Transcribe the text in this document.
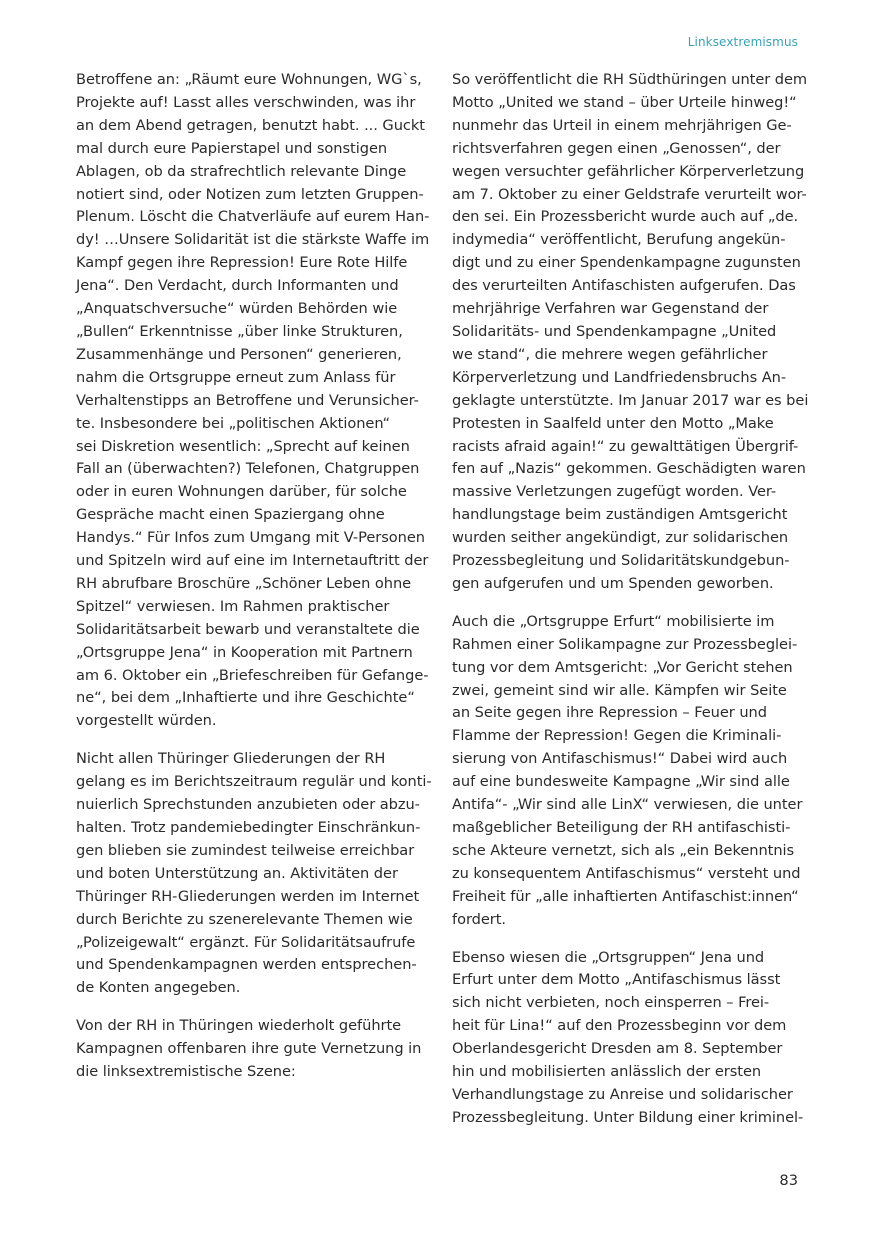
Linksextremismus
Betroffene an: „Räumt eure Wohnungen, WG`s,
Projekte auf! Lasst alles verschwinden, was ihr
an dem Abend getragen, benutzt habt. ... Guckt
mal durch eure Papierstapel und sonstigen
Ablagen, ob da strafrechtlich relevante Dinge
notiert sind, oder Notizen zum letzten Gruppen-
Plenum. Löscht die Chatverläufe auf eurem Han-
dy! …Unsere Solidarität ist die stärkste Waffe im
Kampf gegen ihre Repression! Eure Rote Hilfe
Jena“. Den Verdacht, durch Informanten und
„Anquatschversuche“ würden Behörden wie
„Bullen“ Erkenntnisse „über linke Strukturen,
Zusammenhänge und Personen“ generieren,
nahm die Ortsgruppe erneut zum Anlass für
Verhaltenstipps an Betroffene und Verunsicher-
te. Insbesondere bei „politischen Aktionen“
sei Diskretion wesentlich: „Sprecht auf keinen
Fall an (überwachten?) Telefonen, Chatgruppen
oder in euren Wohnungen darüber, für solche
Gespräche macht einen Spaziergang ohne
Handys.“ Für Infos zum Umgang mit V-Personen
und Spitzeln wird auf eine im Internetauftritt der
RH abrufbare Broschüre „Schöner Leben ohne
Spitzel“ verwiesen. Im Rahmen praktischer
Solidaritätsarbeit bewarb und veranstaltete die
„Ortsgruppe Jena“ in Kooperation mit Partnern
am 6. Oktober ein „Briefeschreiben für Gefange-
ne“, bei dem „Inhaftierte und ihre Geschichte“
vorgestellt würden.
Nicht allen Thüringer Gliederungen der RH
gelang es im Berichtszeitraum regulär und konti-
nuierlich Sprechstunden anzubieten oder abzu-
halten. Trotz pandemiebedingter Einschränkun-
gen blieben sie zumindest teilweise erreichbar
und boten Unterstützung an. Aktivitäten der
Thüringer RH-Gliederungen werden im Internet
durch Berichte zu szenerelevante Themen wie
„Polizeigewalt“ ergänzt. Für Solidaritätsaufrufe
und Spendenkampagnen werden entsprechen-
de Konten angegeben.
Von der RH in Thüringen wiederholt geführte
Kampagnen offenbaren ihre gute Vernetzung in
die linksextremistische Szene:
So veröffentlicht die RH Südthüringen unter dem
Motto „United we stand – über Urteile hinweg!“
nunmehr das Urteil in einem mehrjährigen Ge-
richtsverfahren gegen einen „Genossen“, der
wegen versuchter gefährlicher Körperverletzung
am 7. Oktober zu einer Geldstrafe verurteilt wor-
den sei. Ein Prozessbericht wurde auch auf „de.
indymedia“ veröffentlicht, Berufung angekün-
digt und zu einer Spendenkampagne zugunsten
des verurteilten Antifaschisten aufgerufen. Das
mehrjährige Verfahren war Gegenstand der
Solidaritäts- und Spendenkampagne „United
we stand“, die mehrere wegen gefährlicher
Körperverletzung und Landfriedensbruchs An-
geklagte unterstützte. Im Januar 2017 war es bei
Protesten in Saalfeld unter den Motto „Make
racists afraid again!“ zu gewalttätigen Übergrif-
fen auf „Nazis“ gekommen. Geschädigten waren
massive Verletzungen zugefügt worden. Ver-
handlungstage beim zuständigen Amtsgericht
wurden seither angekündigt, zur solidarischen
Prozessbegleitung und Solidaritätskundgebun-
gen aufgerufen und um Spenden geworben.
Auch die „Ortsgruppe Erfurt“ mobilisierte im
Rahmen einer Solikampagne zur Prozessbeglei-
tung vor dem Amtsgericht: „Vor Gericht stehen
zwei, gemeint sind wir alle. Kämpfen wir Seite
an Seite gegen ihre Repression – Feuer und
Flamme der Repression! Gegen die Kriminali-
sierung von Antifaschismus!“ Dabei wird auch
auf eine bundesweite Kampagne „Wir sind alle
Antifa“- „Wir sind alle LinX“ verwiesen, die unter
maßgeblicher Beteiligung der RH antifaschisti-
sche Akteure vernetzt, sich als „ein Bekenntnis
zu konsequentem Antifaschismus“ versteht und
Freiheit für „alle inhaftierten Antifaschist:innen“
fordert.
Ebenso wiesen die „Ortsgruppen“ Jena und
Erfurt unter dem Motto „Antifaschismus lässt
sich nicht verbieten, noch einsperren – Frei-
heit für Lina!“ auf den Prozessbeginn vor dem
Oberlandesgericht Dresden am 8. September
hin und mobilisierten anlässlich der ersten
Verhandlungstage zu Anreise und solidarischer
Prozessbegleitung. Unter Bildung einer kriminel-
83
